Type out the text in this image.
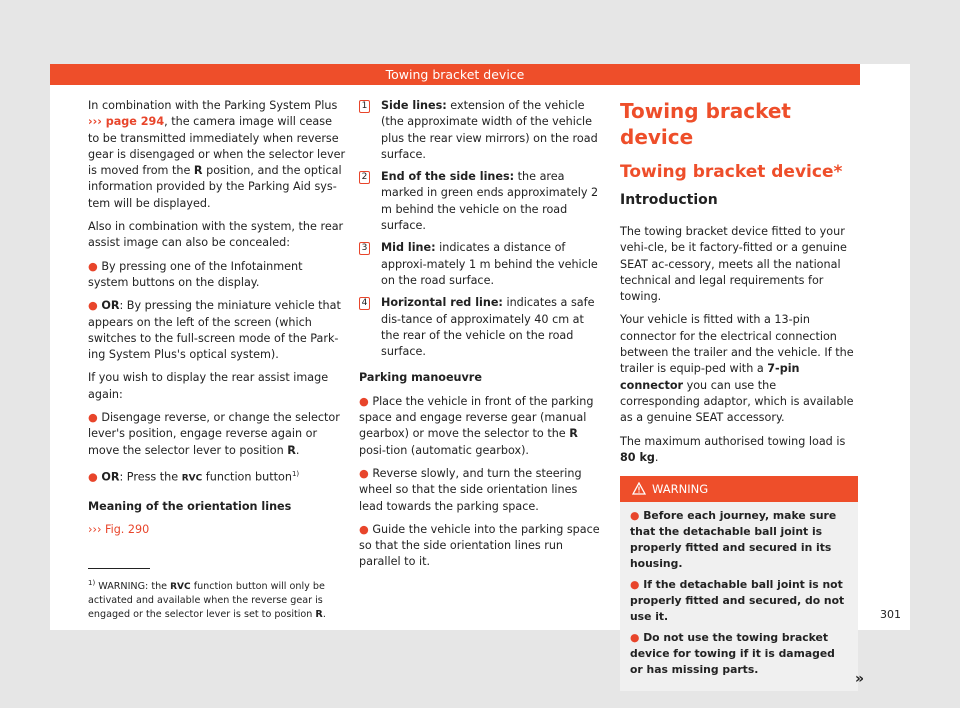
Towing bracket device

In combination with the Parking System Plus ››› page 294, the camera image will cease to be transmitted immediately when reverse gear is disengaged or when the selector lever is moved from the R position, and the optical information provided by the Parking Aid sys-tem will be displayed.

Also in combination with the system, the rear assist image can also be concealed:

● By pressing one of the Infotainment system buttons on the display.
● OR: By pressing the miniature vehicle that appears on the left of the screen (which switches to the full-screen mode of the Park-ing System Plus's optical system).

If you wish to display the rear assist image again:

● Disengage reverse, or change the selector lever's position, engage reverse again or move the selector lever to position R.
● OR: Press the RVC function button$^{1)}$

Meaning of the orientation lines

››› Fig. 290

1 Side lines: extension of the vehicle (the approximate width of the vehicle plus the rear view mirrors) on the road surface.
2 End of the side lines: the area marked in green ends approximately 2 m behind the vehicle on the road surface.
3 Mid line: indicates a distance of approxi-mately 1 m behind the vehicle on the road surface.
4 Horizontal red line: indicates a safe dis-tance of approximately 40 cm at the rear of the vehicle on the road surface.

Parking manoeuvre

● Place the vehicle in front of the parking space and engage reverse gear (manual gearbox) or move the selector to the R posi-tion (automatic gearbox).
● Reverse slowly, and turn the steering wheel so that the side orientation lines lead towards the parking space.
● Guide the vehicle into the parking space so that the side orientation lines run parallel to it.
Towing bracket device
Towing bracket device*
Introduction

The towing bracket device fitted to your vehi-cle, be it factory-fitted or a genuine SEAT ac-cessory, meets all the national technical and legal requirements for towing.

Your vehicle is fitted with a 13-pin connector for the electrical connection between the trailer and the vehicle. If the trailer is equip-ped with a 7-pin connector you can use the corresponding adaptor, which is available as a genuine SEAT accessory.

The maximum authorised towing load is 80 kg.

WARNING
● Before each journey, make sure that the detachable ball joint is properly fitted and secured in its housing.
● If the detachable ball joint is not properly fitted and secured, do not use it.
● Do not use the towing bracket device for towing if it is damaged or has missing parts.
»
$^{1)}$ WARNING: the RVC function button will only be activated and available when the reverse gear is engaged or the selector lever is set to position R.	301
